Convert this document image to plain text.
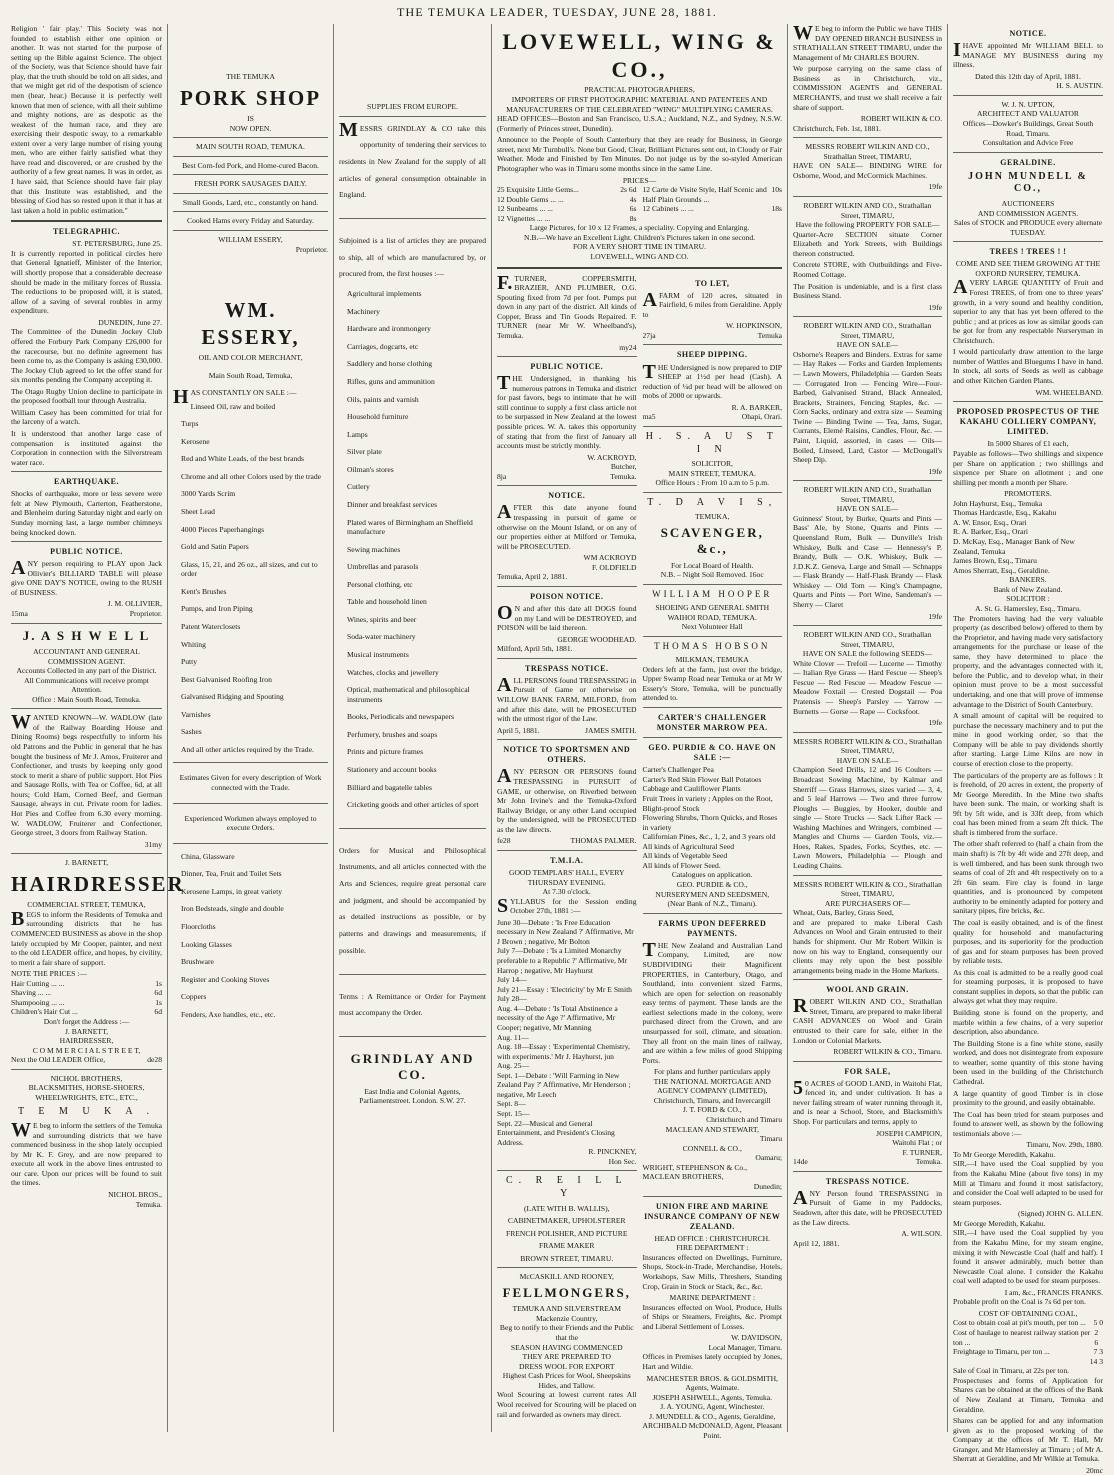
THE TEMUKA LEADER, TUESDAY, JUNE 28, 1881.

Religion ' fair play.' This Society was not founded to establish either one opinion or another. It was not started for the purpose of setting up the Bible against Science. The object of the Society, was that Science should have fair play, that the truth should be told on all sides, and that we might get rid of the despotism of science men (hear, hear.) Because it is perfectly well known that men of science, with all their sublime and mighty notions, are as despotic as the weakest of the human race, and they are exercising their despotic sway, to a remarkable extent over a very large number of rising young men, who are either fairly satisfied what they have read and discovered, or are crushed by the authority of a few great names. It was in order, as I have said, that Science should have fair play that this Institute was established, and the blessing of God has so rested upon it that it has at last taken a hold in public estimation."

TELEGRAPHIC.
ST. PETERSBURG, June 25.

It is currently reported in political circles here that General Ignatieff, Minister of the Interior, will shortly propose that a considerable decrease should be made in the military forces of Russia. The reductions to be proposed will, it is stated, allow of a saving of several roubles in army expenditure.

DUNEDIN, June 27.

The Committee of the Dunedin Jockey Club offered the Forbury Park Company £26,000 for the racecourse, but no definite agreement has been come to, as the Company is asking £30,000. The Jockey Club agreed to let the offer stand for six months pending the Company accepting it.

The Otago Rugby Union decline to participate in the proposed football tour through Australia.

William Casey has been committed for trial for the larceny of a watch.

It is understood that another large case of compensation is instituted against the Corporation in connection with the Silverstream water race.

EARTHQUAKE.

Shocks of earthquake, more or less severe were felt at New Plymouth, Carterton, Featherstone, and Blenheim during Saturday night and early on Sunday morning last, a large number chimneys being knocked down.

PUBLIC NOTICE.

ANY person requiring to PLAY upon Jack Ollivier's BILLIARD TABLE will please give ONE DAY'S NOTICE, owing to the RUSH of BUSINESS.

J. M. OLLIVIER,
15ma	Proprietor.
J. A S H W E L L
ACCOUNTANT AND GENERAL COMMISSION AGENT.
Accounts Collected in any part of the District.
All Communications will receive prompt Attention.
Office : Main South Road, Temuka.

WANTED KNOWN—W. WADLOW (late of the Railway Boarding House and Dining Rooms) begs respectfully to inform his old Patrons and the Public in general that he has bought the business of Mr J. Amos, Fruiterer and Confectioner, and trusts by keeping only good stock to merit a share of public support. Hot Pies and Sausage Rolls, with Tea or Coffee, 6d, at all hours; Cold Ham, Corned Beef, and German Sausage, always in cut. Private room for ladies. Hot Pies and Coffee from 6.30 every morning. W. WADLOW, Fruiterer and Confectioner, George street, 3 doors from Railway Station.

31my
J. BARNETT,
HAIRDRESSER
COMMERCIAL STREET, TEMUKA,

BEGS to inform the Residents of Temuka and surrounding districts that he has COMMENCED BUSINESS as above in the shop lately occupied by Mr Cooper, painter, and next to the old LEADER office, and hopes, by civility, to merit a fair share of support.

NOTE THE PRICES :—
Hair Cutting ... ...	1s
Shaving ... ...	6d
Shampooing ... ...	1s
Children's Hair Cut ...	6d
Don't forget the Address :—
J. BARNETT,
HAIRDRESSER,
C O M M E R C I A L S T R E E T,
Next the Old LEADER Office,	de28
NICHOL BROTHERS,
BLACKSMITHS, HORSE-SHOERS, WHEELWRIGHTS, ETC., ETC.,
T E M U K A .

WE beg to inform the settlers of the Temuka and surrounding districts that we have commenced business in the shop lately occupied by Mr K. F. Grey, and are now prepared to execute all work in the above lines entrusted to our care. Upon our prices will be found to suit the times.

NICHOL BROS.,
Temuka.
THE TEMUKA
PORK SHOP
IS
NOW OPEN.
MAIN SOUTH ROAD, TEMUKA.
Best Corn-fed Pork, and Home-cured Bacon.
FRESH PORK SAUSAGES DAILY.
Small Goods, Lard, etc., constantly on hand.
Cooked Hams every Friday and Saturday.
WILLIAM ESSERY,
Proprietor.
WM. ESSERY,
OIL AND COLOR MERCHANT,
Main South Road, Temuka,
HAS CONSTANTLY ON SALE :—
Linseed Oil, raw and boiled
Turps
Kerosene
Red and White Leads, of the best brands
Chrome and all other Colors used by the trade
3000 Yards Scrim
Sheet Lead
4000 Pieces Paperhangings
Gold and Satin Papers
Glass, 15, 21, and 26 oz., all sizes, and cut to order
Kent's Brushes
Pumps, and Iron Piping
Patent Waterclosets
Whiting
Putty
Best Galvanised Roofing Iron
Galvanised Ridging and Spouting
Varnishes
Sashes
And all other articles required by the Trade.
Estimates Given for every description of Work connected with the Trade.
Experienced Workmen always employed to execute Orders.
China, Glassware
Dinner, Tea, Fruit and Toilet Sets
Kerosene Lamps, in great variety
Iron Bedsteads, single and double
Floorcloths
Looking Glasses
Brushware
Register and Cooking Stoves
Coppers
Fenders, Axe handles, etc., etc.
SUPPLIES FROM EUROPE.

MESSRS GRINDLAY & CO take this opportunity of tendering their services to residents in New Zealand for the supply of all articles of general consumption obtainable in England.

Subjoined is a list of articles they are prepared to ship, all of which are manufactured by, or procured from, the first houses :—

Agricultural implements
Machinery
Hardware and ironmongery
Carriages, dogcarts, etc
Saddlery and horse clothing
Rifles, guns and ammunition
Oils, paints and varnish
Household furniture
Lamps
Silver plate
Oilman's stores
Cutlery
Dinner and breakfast services
Plated wares of Birmingham an Sheffield manufacture
Sewing machines
Umbrellas and parasols
Personal clothing, etc
Table and household linen
Wines, spirits and beer
Soda-water machinery
Musical instruments
Watches, clocks and jewellery
Optical, mathematical and philosophical instruments
Books, Periodicals and newspapers
Perfumery, brushes and soaps
Prints and picture frames
Stationery and account books
Billiard and bagatelle tables
Cricketing goods and other articles of sport

Orders for Musical and Philosophical Instruments, and all articles connected with the Arts and Sciences, require great personal care and judgment, and should be accompanied by as detailed instructions as possible, or by patterns and drawings and measurements, if possible.

Terms : A Remittance or Order for Payment must accompany the Order.

GRINDLAY AND CO.
East India and Colonial Agents,
Parliamentstreet. London. S.W. 27.
LOVEWELL, WING & CO.,
PRACTICAL PHOTOGRAPHERS,
IMPORTERS OF FIRST PHOTOGRAPHIC MATERIAL AND PATENTEES AND MANUFACTURERS OF THE CELEBRATED "WING" MULTIPLYING CAMERAS.

HEAD OFFICES—Boston and San Francisco, U.S.A.; Auckland, N.Z., and Sydney, N.S.W. (Formerly of Princes street, Dunedin).

Announce to the People of South Canterbury that they are ready for Business, in George street, next Mr Turnbull's. None but Good, Clear, Brilliant Pictures sent out, in Cloudy or Fair Weather. Mode and Finished by Ten Minutes. Do not judge us by the so-styled American Photographer who was in Timaru some months since in the same Line.

PRICES—
25 Exquisite Little Gems...	2s 6d
12 Double Gems ... ...	4s
12 Sunbeams ... ...	6s
12 Vignettes ... ...	8s
12 Carte de Visite Style, Half Scenic and Half Plain Grounds ...
10s
12 Cabinets ... ...	18s
Large Pictures, for 10 x 12 Frames, a speciality. Copying and Enlarging.
N.B.—We have an Excellent Light. Children's Pictures taken in one second.
FOR A VERY SHORT TIME IN TIMARU.
LOVEWELL, WING AND CO.

F.TURNER, COPPERSMITH, BRAZIER, AND PLUMBER, O.G. Spouting fixed from 7d per foot. Pumps put down in any part of the district. All kinds of Copper, Brass and Tin Goods Repaired. F. TURNER (near Mr W. Wheelband's), Temuka.

my24
PUBLIC NOTICE.

THE Undersigned, in thanking his numerous patrons in Temuka and district for past favors, begs to intimate that he will still continue to supply a first class article not to be surpassed in New Zealand at the lowest possible prices. W. A. takes this opportunity of stating that from the first of January all accounts must be strictly monthly.

W. ACKROYD,
Butcher,
8ja	Temuka.
NOTICE.

AFTER this date anyone found trespassing in pursuit of game or otherwise on the Mount Island, or on any of our properties either at Milford or Temuka, will be PROSECUTED.

WM ACKROYD
F. OLDFIELD
Temuka, April 2, 1881.
POISON NOTICE.

ON and after this date all DOGS found on my Land will be DESTROYED, and POISON will be laid thereon.

GEORGE WOODHEAD.
Milford, April 5th, 1881.
TRESPASS NOTICE.

ALL PERSONS found TRESPASSING in Pursuit of Game or otherwise on WILLOW BANK FARM, MILFORD, from and after this date, will be PROSECUTED with the utmost rigor of the Law.

April 5, 1881.	JAMES SMITH.
NOTICE TO SPORTSMEN AND OTHERS.

ANY PERSON OR PERSONS found TRESPASSING in PURSUIT of GAME, or otherwise, on Riverbed between Mr John Irvine's and the Temuka-Oxford Railway Bridge, or any other Land occupied by the undersigned, will be PROSECUTED as the law directs.

fe28	THOMAS PALMER.
T.M.I.A.
GOOD TEMPLARS' HALL, EVERY THURSDAY EVENING.
At 7.30 o'clock.

SYLLABUS for the Session ending October 27th, 1881 :—

June 30—Debate : 'Is Free Education necessary in New Zealand ?' Affirmative, Mr J Brown ; negative, Mr Bolton
July 7—Debate : 'Is a Limited Monarchy preferable to a Republic ?' Affirmative, Mr Harrop ; negative, Mr Hayhurst
July 14—
July 21—Essay : 'Electricity' by Mr E Smith
July 28—
Aug. 4—Debate : 'Is Total Abstinence a necessity of the Age ?' Affirmative, Mr Cooper; negative, Mr Manning
Aug. 11—
Aug. 18—Essay : 'Experimental Chemistry, with experiments.' Mr J. Hayhurst, jun
Aug. 25—
Sept. 1—Debate : 'Will Farming in New Zealand Pay ?' Affirmative, Mr Henderson ; negative, Mr Leech
Sept. 8—
Sept. 15—
Sept. 22—Musical and General Entertainment, and President's Closing Address.
R. PINCKNEY,
Hon Sec.
C. R E I L L Y
(LATE WITH B. WALLIS),
CABINETMAKER, UPHOLSTERER
FRENCH POLISHER, AND PICTURE
FRAME MAKER
BROWN STREET, TIMARU.
McCASKILL AND ROONEY,
FELLMONGERS,
TEMUKA AND SILVERSTREAM
Mackenzie Country,
Beg to notify to their Friends and the Public that the
SEASON HAVING COMMENCED
THEY ARE PREPARED TO
DRESS WOOL FOR EXPORT
Highest Cash Prices for Wool, Sheepskins Hides, and Tallow.

Wool Scouring at lowest current rates All Wool received for Scouring will be placed on rail and forwarded as owners may direct.

TO LET,

AFARM of 120 acres, situated in Fairfield, 6 miles from Geraldine. Apply to

W. HOPKINSON,
27ja	Temuka
SHEEP DIPPING.

THE Undersigned is now prepared to DIP SHEEP at 1½d per head (Cash). A reduction of ¼d per head will be allowed on mobs of 2000 or upwards.

R. A. BARKER,
ma5	Ohapi, Orari.
H. S. A U S T I N
SOLICITOR,
MAIN STREET, TEMUKA.
Office Hours : From 10 a.m to 5 p.m.
T. D A V I S,
TEMUKA,
SCAVENGER, &c.,
For Local Board of Health.
N.B. – Night Soil Removed. 16oc
WILLIAM HOOPER
SHOEING AND GENERAL SMITH
WAIHOI ROAD, TEMUKA.
Next Volunteer Hall
THOMAS HOBSON
MILKMAN, TEMUKA

Orders left at the farm, just over the bridge, Upper Swamp Road near Temuka or at Mr W Essery's Store, Temuka, will be punctually attended to.

CARTER'S CHALLENGER MONSTER MARROW PEA.
GEO. PURDIE & CO. HAVE ON SALE :—
Carter's Challenger Pea
Carter's Red Skin Flower Ball Potatoes
Cabbage and Cauliflower Plants
Fruit Trees in variety ; Apples on the Root, Blight-proof Stock
Flowering Shrubs, Thorn Quicks, and Roses in variety
Californian Pines, &c., 1, 2, and 3 years old
All kinds of Agricultural Seed
All kinds of Vegetable Seed
All kinds of Flower Seed.
Catalogues on application.
GEO. PURDIE & CO.,
NURSERYMEN AND SEEDSMEN,
(Near Bank of N.Z., Timaru).
FARMS UPON DEFERRED PAYMENTS.

THE New Zealand and Australian Land Company, Limited, are now SUBDIVIDING their Magnificent PROPERTIES, in Canterbury, Otago, and Southland, into convenient sized Farms, which are open for selection on reasonably easy terms of payment. These lands are the earliest selections made in the colony, were purchased direct from the Crown, and are unsurpassed for soil, climate, and situation. They all front on the main lines of railway, and are within a few miles of good Shipping Ports.

For plans and further particulars apply
THE NATIONAL MORTGAGE AND AGENCY COMPANY (LIMITED),
Christchurch, Timaru, and Invercargill
J. T. FORD & CO.,
Christchurch and Timaru
MACLEAN AND STEWART,
Timaru
CONNELL & CO.,
Oamaru;
WRIGHT, STEPHENSON & Co.,
MACLEAN BROTHERS,
Dunedin;
UNION FIRE AND MARINE INSURANCE COMPANY OF NEW ZEALAND.
HEAD OFFICE : CHRISTCHURCH.
FIRE DEPARTMENT :

Insurances effected on Dwellings, Furniture, Shops, Stock-in-Trade, Merchandise, Hotels, Workshops, Saw Mills, Threshers, Standing Crop, Grain in Stock or Stack, &c., &c.

MARINE DEPARTMENT :

Insurances effected on Wool, Produce, Hulls of Ships or Steamers, Freights, &c. Prompt and Liberal Settlement of Losses.

W. DAVIDSON,
Local Manager, Timaru.

Offices in Premises lately occupied by Jones, Hart and Wildie.

MANCHESTER BROS. & GOLDSMITH, Agents, Waimate.
JOSEPH ASHWELL, Agents, Temuka.
J. A. YOUNG, Agent, Winchester.
J. MUNDELL & CO., Agents, Geraldine,
ARCHIBALD McDONALD, Agent, Pleasant Point.

WE beg to inform the Public we have THIS DAY OPENED BRANCH BUSINESS in STRATHALLAN STREET TIMARU, under the Management of Mr CHARLES BOURN.

We purpose carrying on the same class of Business as in Christchurch, viz., COMMISSION AGENTS and GENERAL MERCHANTS, and trust we shall receive a fair share of support.

ROBERT WILKIN & CO.
Christchurch, Feb. 1st, 1881.
MESSRS ROBERT WILKIN AND CO., Strathallan Street, TIMARU,

HAVE ON SALE— BINDING WIRE for Osborne, Wood, and McCormick Machines.

19fe
ROBERT WILKIN AND CO., Strathallan Street, TIMARU,
Have the following PROPERTY FOR SALE—

Quarter-Acre SECTION situate Corner Elizabeth and York Streets, with Buildings thereon constructed.

Concrete STORE, with Outbuildings and Five-Roomed Cottage.

The Position is undeniable, and is a first class Business Stand.

19fe
ROBERT WILKIN AND CO., Strathallan Street, TIMARU,
HAVE ON SALE—

Osborne's Reapers and Binders. Extras for same — Hay Rakes — Forks and Garden Implements — Lawn Mowers, Philadelphia — Garden Seats — Corrugated Iron — Fencing Wire—Four-Barbed, Galvanised Strand, Black Annealed, Brackets, Strainers, Fencing Staples, &c. — Corn Sacks, ordinary and extra size — Seaming Twine — Binding Twine — Tea, Jams, Sugar, Currants, Elemé Raisins, Candles, Flour, &c. — Paint, Liquid, assorted, in cases — Oils—Boiled, Linseed, Lard, Castor — McDougall's Sheep Dip.

19fe
ROBERT WILKIN AND CO., Strathallan Street, TIMARU,
HAVE ON SALE—

Guinness' Stout, by Burke, Quarts and Pints — Bass' Ale, by Stone, Quarts and Pints — Queensland Rum, Bulk — Dunville's Irish Whiskey, Bulk and Case — Hennessy's P. Brandy, Bulk — O.K. Whiskey, Bulk — J.D.K.Z. Geneva, Large and Small — Schnapps — Flask Brandy — Half-Flask Brandy — Flask Whiskey — Old Tom — King's Champagne, Quarts and Pints — Port Wine, Sandeman's — Sherry — Claret

19fe
ROBERT WILKIN AND CO., Strathallan Street, TIMARU,
HAVE ON SALE the following SEEDS—

White Clover — Trefoil — Lucerne — Timothy — Italian Rye Grass — Hard Fescue — Sheep's Fescue — Red Fescue — Meadow Fescue — Meadow Foxtail — Crested Dogstail — Poa Pratensis — Sheep's Parsley — Yarrow — Burnetts — Gorse — Rape — Cocksfoot.

19fe
MESSRS ROBERT WILKIN & CO., Strathallan Street, TIMARU,
HAVE ON SALE—

Champion Seed Drills, 12 and 16 Coulters — Broadcast Sowing Machine, by Kalmar and Sherriff — Grass Harrows, sizes varied — 3, 4, and 5 leaf Harrows — Two and three furrow Ploughs — Buggies, by Hooker, double and single — Store Trucks — Sack Lifter Rack — Washing Machines and Wringers, combined — Mangles and Churns — Garden Tools, viz.—Hoes, Rakes, Spades, Forks, Scythes, etc. — Lawn Mowers, Philadelphia — Plough and Leading Chains.

MESSRS ROBERT WILKIN & CO., Strathallan Street, TIMARU,
ARE PURCHASERS OF—
Wheat, Oats, Barley, Grass Seed,

and are prepared to make Liberal Cash Advances on Wool and Grain entrusted to their hands for shipment. Our Mr Robert Wilkin is now on his way to England, consequently our clients may rely upon the best possible arrangements being made in the Home Markets.

WOOL AND GRAIN.

ROBERT WILKIN AND CO., Strathallan Street, Timaru, are prepared to make liberal CASH ADVANCES on Wool and Grain entrusted to their care for sale, either in the London or Colonial Markets.

ROBERT WILKIN & CO., Timaru.
FOR SALE,

50 ACRES of GOOD LAND, in Waitohi Flat, fenced in, and under cultivation. It has a never failing stream of water running through it, and is near a School, Store, and Blacksmith's Shop. For particulars and terms, apply to

JOSEPH CAMPION,
Waitohi Flat ; or
F. TURNER,
14de	Temuka.
TRESPASS NOTICE.

ANY Person found TRESPASSING in Pursuit of Game in my Paddocks, Seadown, after this date, will be PROSECUTED as the Law directs.

A. WILSON.
April 12, 1881.
NOTICE.

IHAVE appointed Mr WILLIAM BELL to MANAGE MY BUSINESS during my illness.

Dated this 12th day of April, 1881.
H. S. AUSTIN.
W. J. N. UPTON,
ARCHITECT AND VALUATOR
Offices—Dowker's Buildings, Great South Road, Timaru.
Consultation and Advice Free
GERALDINE.
JOHN MUNDELL & CO.,
AUCTIONEERS
AND COMMISSION AGENTS.
Sales of STOCK and PRODUCE every alternate TUESDAY.
TREES ! TREES ! !
COME AND SEE THEM GROWING AT THE OXFORD NURSERY, TEMUKA.

AVERY LARGE QUANTITY of Fruit and Forest TREES, of from one to three years' growth, in a very sound and healthy condition, superior to any that has yet been offered to the public ; and at prices as low as similar goods can be got for from any respectable Nurseryman in Christchurch.

I would particularly draw attention to the large number of Wattles and Bluegums I have in hand. In stock, all sorts of Seeds as well as cabbage and other Kitchen Garden Plants.

WM. WHEELBAND.
PROPOSED PROSPECTUS OF THE KAKAHU COLLIERY COMPANY, LIMITED.
In 5000 Shares of £1 each,

Payable as follows—Two shillings and sixpence per Share on application ; two shillings and sixpence per Share on allotment ; and one shilling per month a month per Share.

PROMOTERS.
John Hayhurst, Esq., Temuka
Thomas Hardcastle, Esq., Kakahu
A. W. Ensor, Esq., Orari
R. A. Barker, Esq., Orari
D. McKay, Esq., Manager Bank of New Zealand, Temuka
James Brown, Esq., Timaru
Amos Sherratt, Esq., Geraldine.
BANKERS.
Bank of New Zealand.
SOLICITOR :
A. St. G. Hamersley, Esq., Timaru.

The Promoters having had the very valuable property (as described below) offered to them by the Proprietor, and having made very satisfactory arrangements for the purchase or lease of the same, they have determined to place the property, and the advantages connected with it, before the Public, and to develop what, in their opinion must prove to be a most successful undertaking, and one that will prove of immense advantage to the District of South Canterbury.

A small amount of capital will be required to purchase the necessary machinery and to put the mine in good working order, so that the Company will be able to pay dividends shortly after starting. Large Lime Kilns are now in course of erection close to the property.

The particulars of the property are as follows : It is freehold, of 20 acres in extent, the property of Mr George Meredith. In the Mine two shafts have been sunk. The main, or working shaft is 9ft by 5ft wide, and is 33ft deep, from which coal has been mined from a seam 2ft thick. The shaft is timbered from the surface.

The other shaft referred to (half a chain from the main shaft) is 7ft by 4ft wide and 27ft deep, and is well timbered, and has been sunk through two seams of coal of 2ft and 4ft respectively on to a 2ft 6in seam. Fire clay is found in large quantities, and is pronounced by competent authority to be eminently adapted for pottery and sanitary pipes, fire bricks, &c.

The coal is easily obtained, and is of the finest quality for household and manufacturing purposes, and its superiority for the production of gas and for steam purposes has been proved by reliable tests.

As this coal is admitted to be a really good coal for steaming purposes, it is proposed to have constant supplies in depots, so that the public can always get what they may require.

Building stone is found on the property, and marble within a few chains, of a very superior description, also abundance.

The Building Stone is a fine white stone, easily worked, and does not disintegrate from exposure to weather, some quantity of this stone having been used in the building of the Christchurch Cathedral.

A large quantity of good Timber is in close proximity to the ground, and easily obtainable.

The Coal has been tried for steam purposes and found to answer well, as shown by the following testimonials above :—

Timaru, Nov. 29th, 1880.
To Mr George Meredith, Kakahu.

SIR,—I have used the Coal supplied by you from the Kakahu Mine (about five tons) in my Mill at Timaru and found it most satisfactory, and consider the Coal well adapted to be used for steam purposes.

(Signed) JOHN G. ALLEN.
Mr George Meredith, Kakahu.

SIR,—I have used the Coal supplied by you from the Kakahu Mine, for my steam engine, mixing it with Newcastle Coal (half and half). I found it answer admirably, much better than Newcastle Coal alone. I consider the Kakahu coal well adapted to be used for steam purposes.

I am, &c., FRANCIS FRANKS.

Probable profit on the Coal is 7s 6d per ton.

COST OF OBTAINING COAL,
Cost to obtain coal at pit's mouth, per ton ... 5 0
Cost of haulage to nearest railway station per ton ...
2 6
Freightage to Timaru, per ton ...	7 3
14 3
Sale of Coal in Timaru, at 22s per ton.

Prospectuses and forms of Application for Shares can be obtained at the offices of the Bank of New Zealand at Timaru, Temuka and Geraldine.

Shares can be applied for and any information given as to the proposed working of the Company at the offices of Mr T. Hall, Mr Granger, and Mr Hamersley at Timaru ; of Mr A. Sherratt at Geraldine, and Mr Wilkie at Temuka.

20mc
